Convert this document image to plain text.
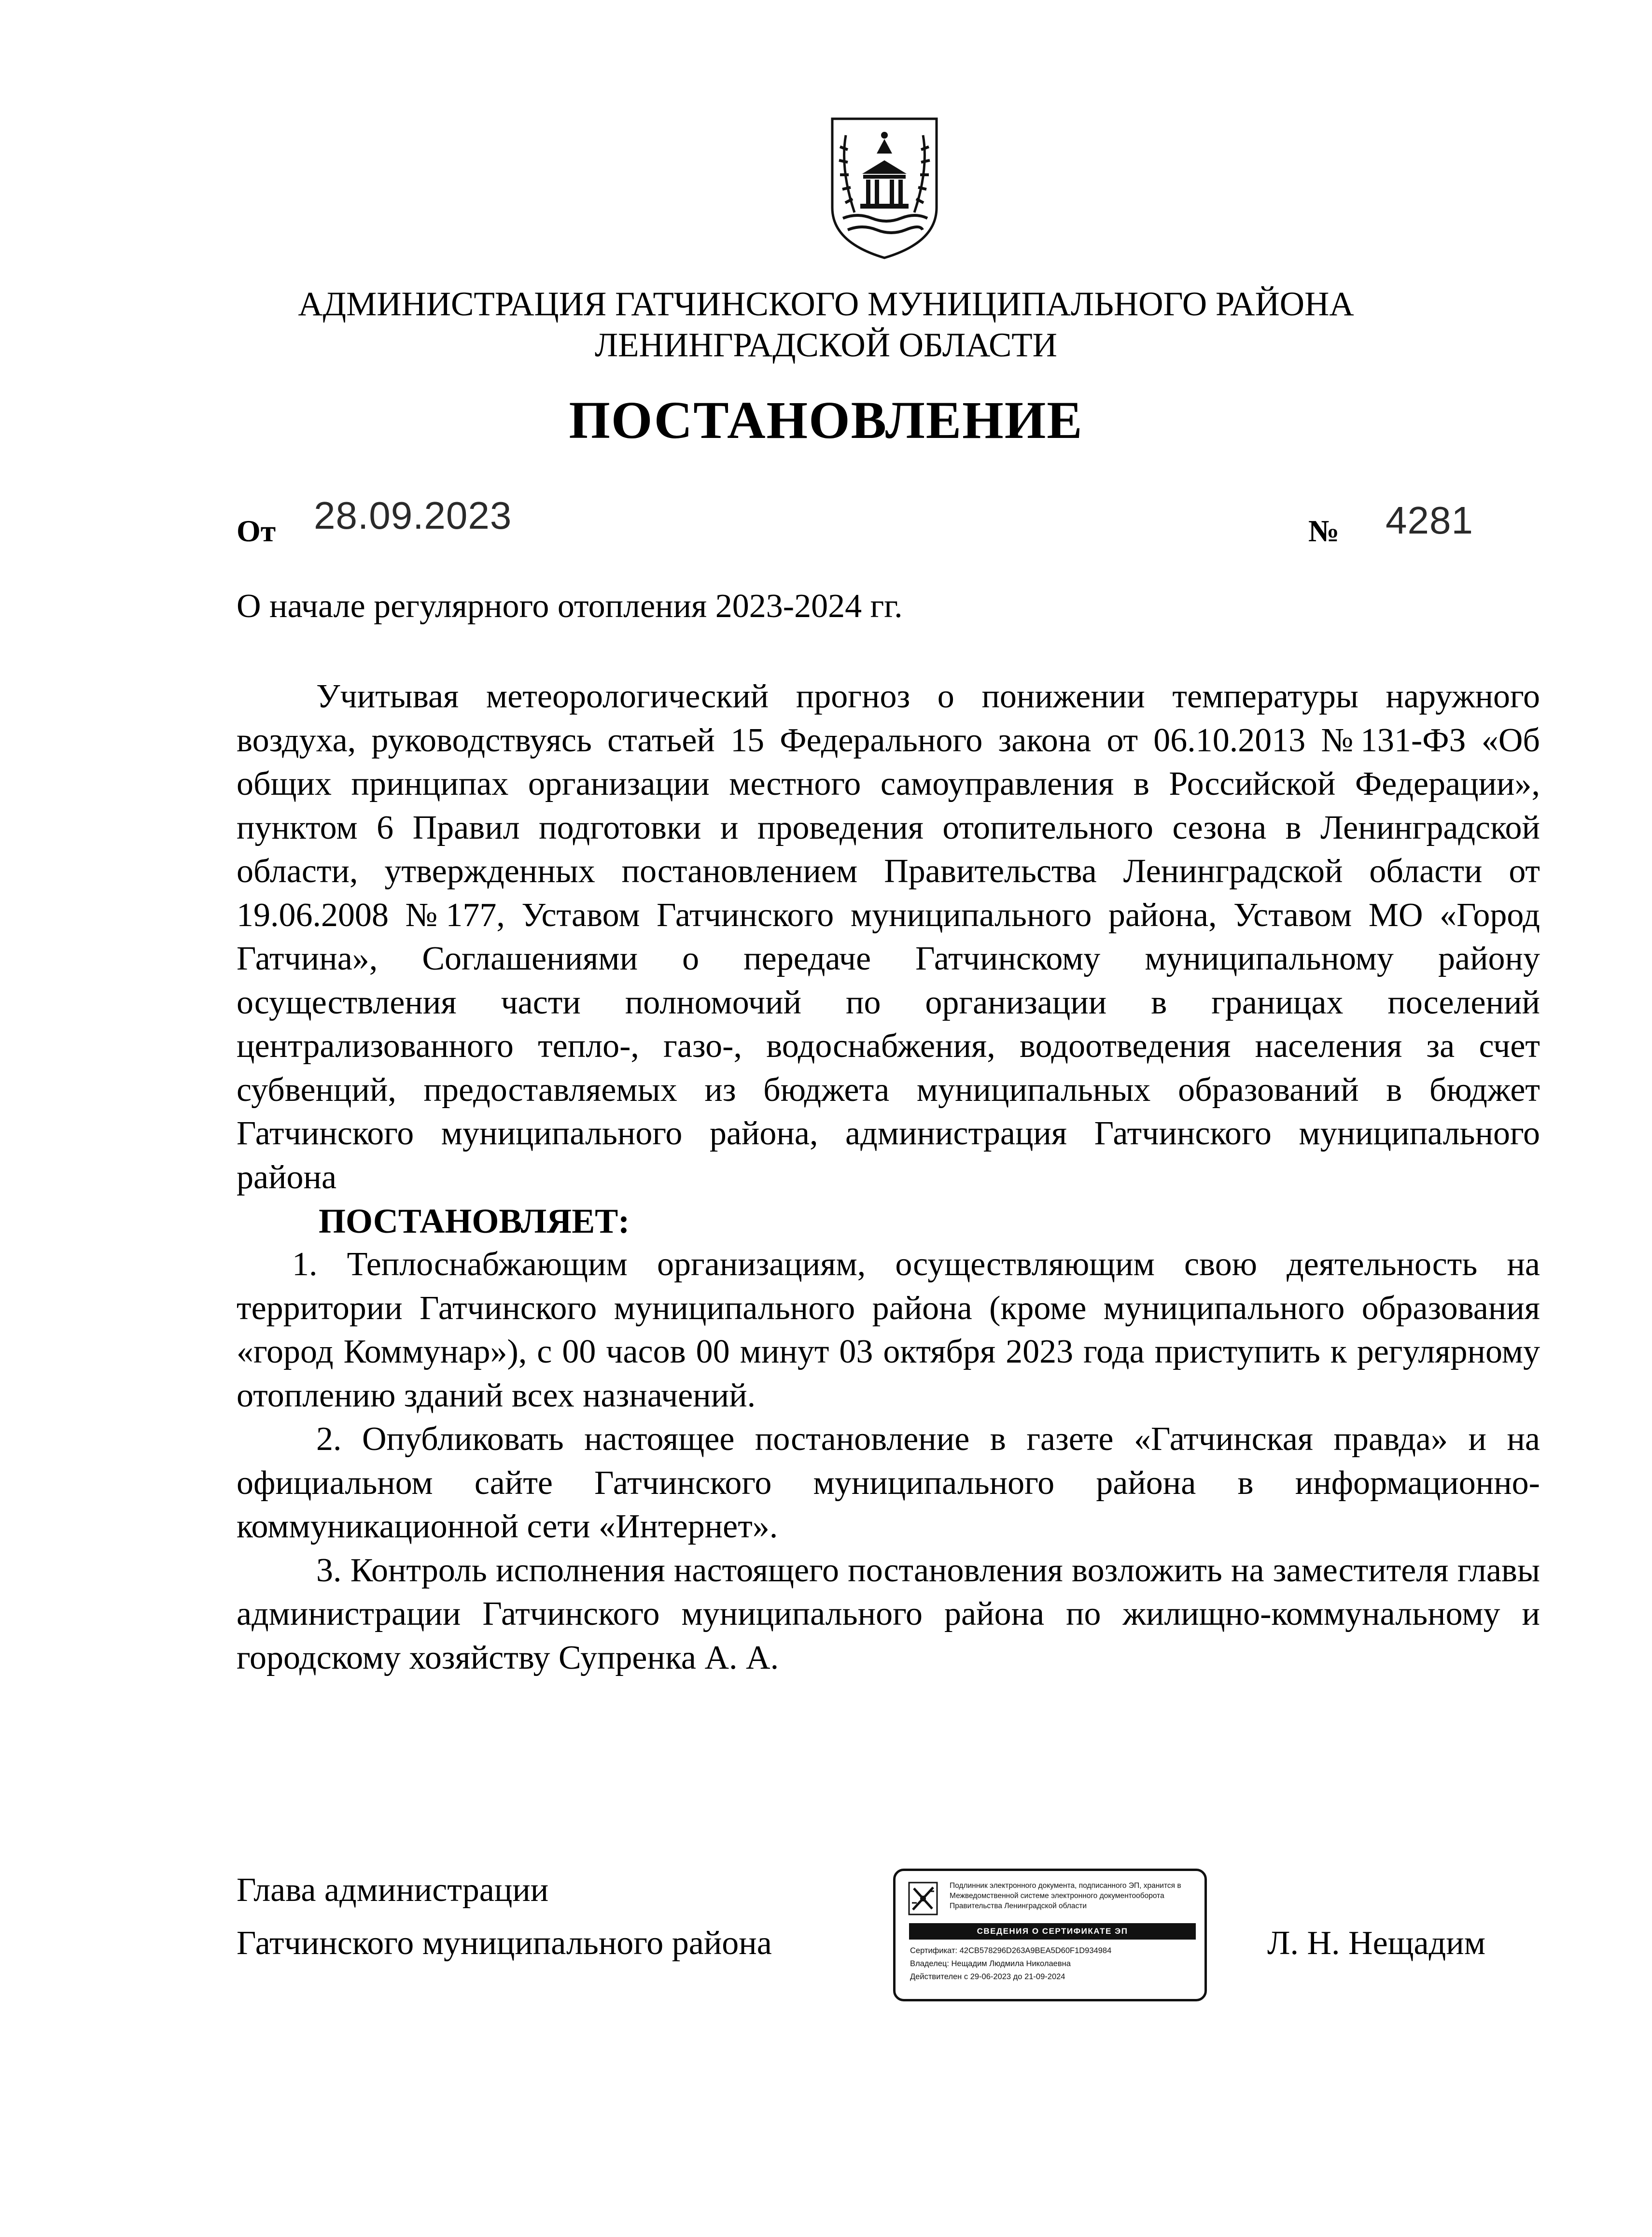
АДМИНИСТРАЦИЯ ГАТЧИНСКОГО МУНИЦИПАЛЬНОГО РАЙОНА
ЛЕНИНГРАДСКОЙ ОБЛАСТИ
ПОСТАНОВЛЕНИЕ
От 28.09.2023	№ 4281
О начале регулярного отопления 2023-2024 гг.

Учитывая метеорологический прогноз о понижении температуры наружного воздуха, руководствуясь статьей 15 Федерального закона от 06.10.2013 №131-ФЗ «Об общих принципах организации местного самоуправления в Российской Федерации», пунктом 6 Правил подготовки и проведения отопительного сезона в Ленинградской области, утвержденных постановлением Правительства Ленинградской области от 19.06.2008 №177, Уставом Гатчинского муниципального района, Уставом МО «Город Гатчина», Соглашениями о передаче Гатчинскому муниципальному району осуществления части полномочий по организации в границах поселений централизованного тепло-, газо-, водоснабжения, водоотведения населения за счет субвенций, предоставляемых из бюджета муниципальных образований в бюджет Гатчинского муниципального района, администрация Гатчинского муниципального района

ПОСТАНОВЛЯЕТ:

1. Теплоснабжающим организациям, осуществляющим свою деятельность на территории Гатчинского муниципального района (кроме муниципального образования «город Коммунар»), с 00 часов 00 минут 03 октября 2023 года приступить к регулярному отоплению зданий всех назначений.

2. Опубликовать настоящее постановление в газете «Гатчинская правда» и на официальном сайте Гатчинского муниципального района в информационно-коммуникационной сети «Интернет».

3. Контроль исполнения настоящего постановления возложить на заместителя главы администрации Гатчинского муниципального района по жилищно-коммунальному и городскому хозяйству Супренка А. А.

Глава администрации
Гатчинского муниципального района
Подлинник электронного документа, подписанного ЭП, хранится в Межведомственной системе электронного документооборота Правительства Ленинградской области
СВЕДЕНИЯ О СЕРТИФИКАТЕ ЭП
Сертификат: 42CB578296D263A9BEA5D60F1D934984
Владелец: Нещадим Людмила Николаевна
Действителен с 29-06-2023 до 21-09-2024
Л. Н. Нещадим
